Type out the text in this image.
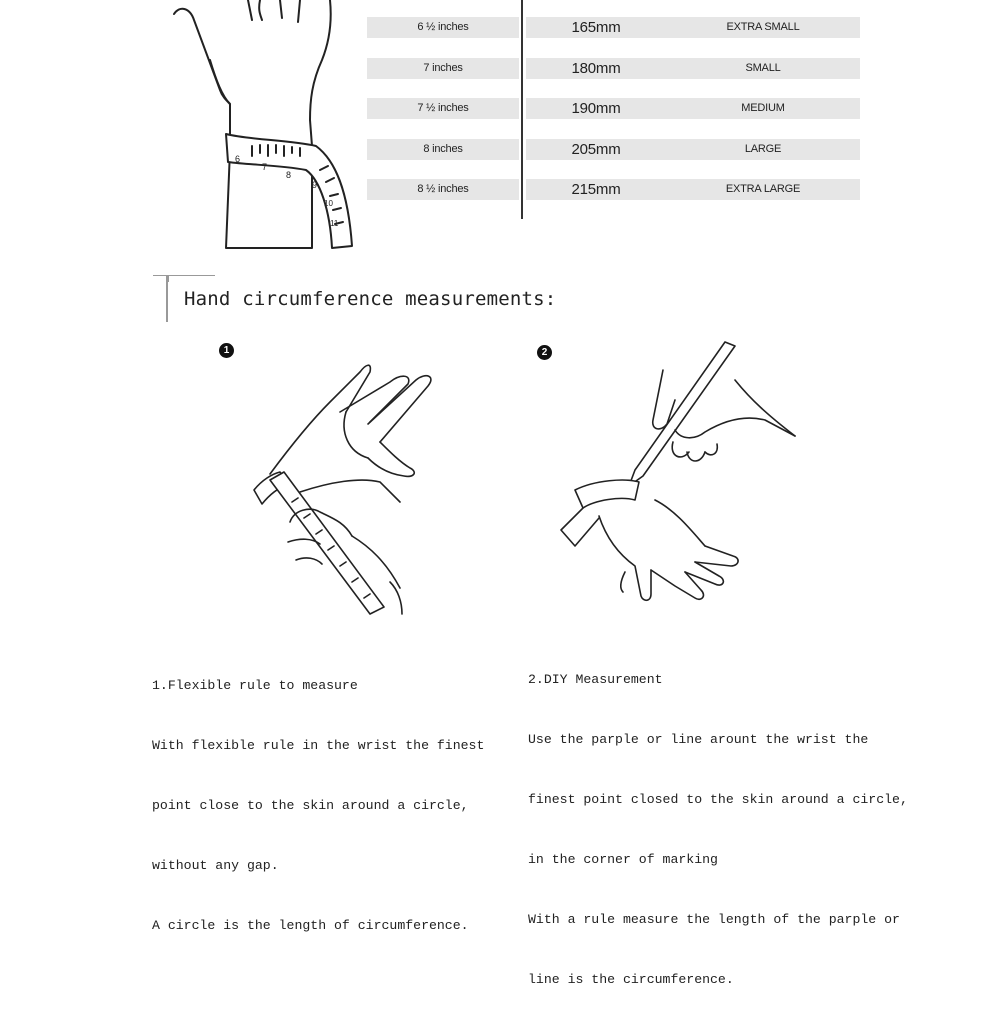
6
7
8
9
10
11
6 ½ inches	165mm	EXTRA SMALL
7 inches	180mm	SMALL
7 ½ inches	190mm	MEDIUM
8 inches	205mm	LARGE
8 ½ inches	215mm	EXTRA LARGE
Hand circumference measurements:
1	2

1.Flexible rule to measure

With flexible rule in the wrist the finest

point close to the skin around a circle,

without any gap.

A circle is the length of circumference.

2.DIY Measurement

Use the parple or line arount the wrist the

finest point closed to the skin around a circle,

in the corner of marking

With a rule measure the length of the parple or

line is the circumference.
